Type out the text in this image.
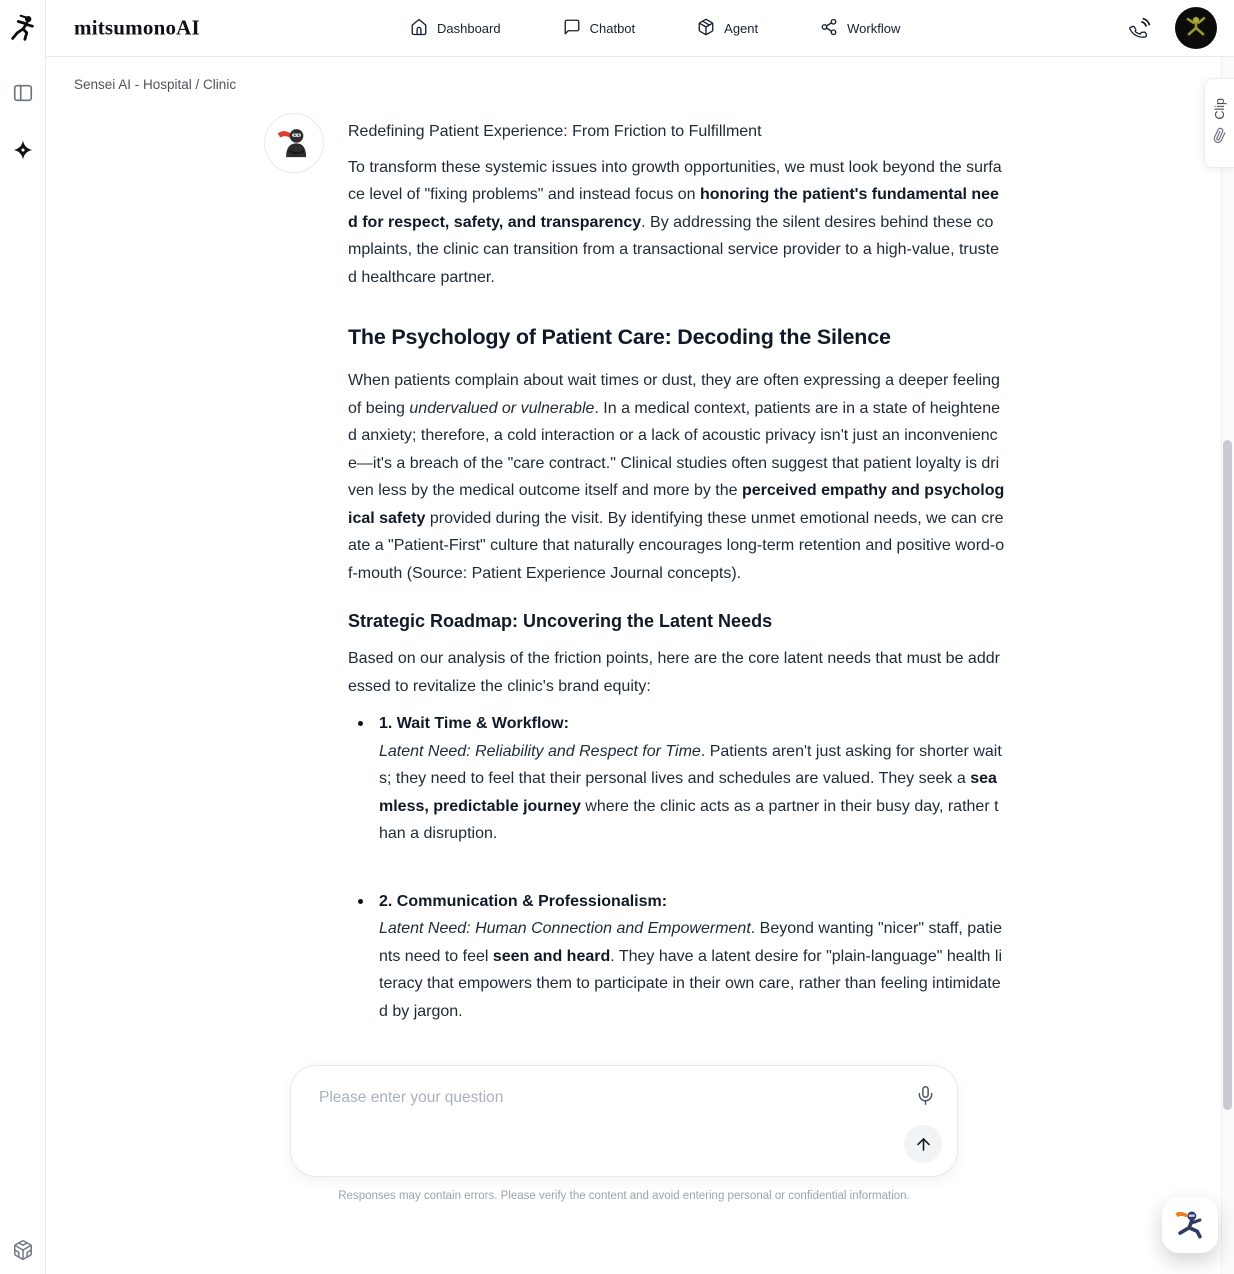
mitsumonoAI	Dashboard	Chatbot	Agent	Workflow
Sensei AI - Hospital / Clinic
Redefining Patient Experience: From Friction to Fulfillment

To transform these systemic issues into growth opportunities, we must look beyond the surface level of "fixing problems" and instead focus on honoring the patient's fundamental need for respect, safety, and transparency. By addressing the silent desires behind these complaints, the clinic can transition from a transactional service provider to a high-value, trusted healthcare partner.

The Psychology of Patient Care: Decoding the Silence

When patients complain about wait times or dust, they are often expressing a deeper feeling of being undervalued or vulnerable. In a medical context, patients are in a state of heightened anxiety; therefore, a cold interaction or a lack of acoustic privacy isn't just an inconvenience—it's a breach of the "care contract." Clinical studies often suggest that patient loyalty is driven less by the medical outcome itself and more by the perceived empathy and psychological safety provided during the visit. By identifying these unmet emotional needs, we can create a "Patient-First" culture that naturally encourages long-term retention and positive word-of-mouth (Source: Patient Experience Journal concepts).

Strategic Roadmap: Uncovering the Latent Needs

Based on our analysis of the friction points, here are the core latent needs that must be addressed to revitalize the clinic's brand equity:

1. Wait Time & Workflow:
Latent Need: Reliability and Respect for Time. Patients aren't just asking for shorter waits; they need to feel that their personal lives and schedules are valued. They seek a seamless, predictable journey where the clinic acts as a partner in their busy day, rather than a disruption.
2. Communication & Professionalism:
Latent Need: Human Connection and Empowerment. Beyond wanting "nicer" staff, patients need to feel seen and heard. They have a latent desire for "plain-language" health literacy that empowers them to participate in their own care, rather than feeling intimidated by jargon.
Clip
Please enter your question
Responses may contain errors. Please verify the content and avoid entering personal or confidential information.
